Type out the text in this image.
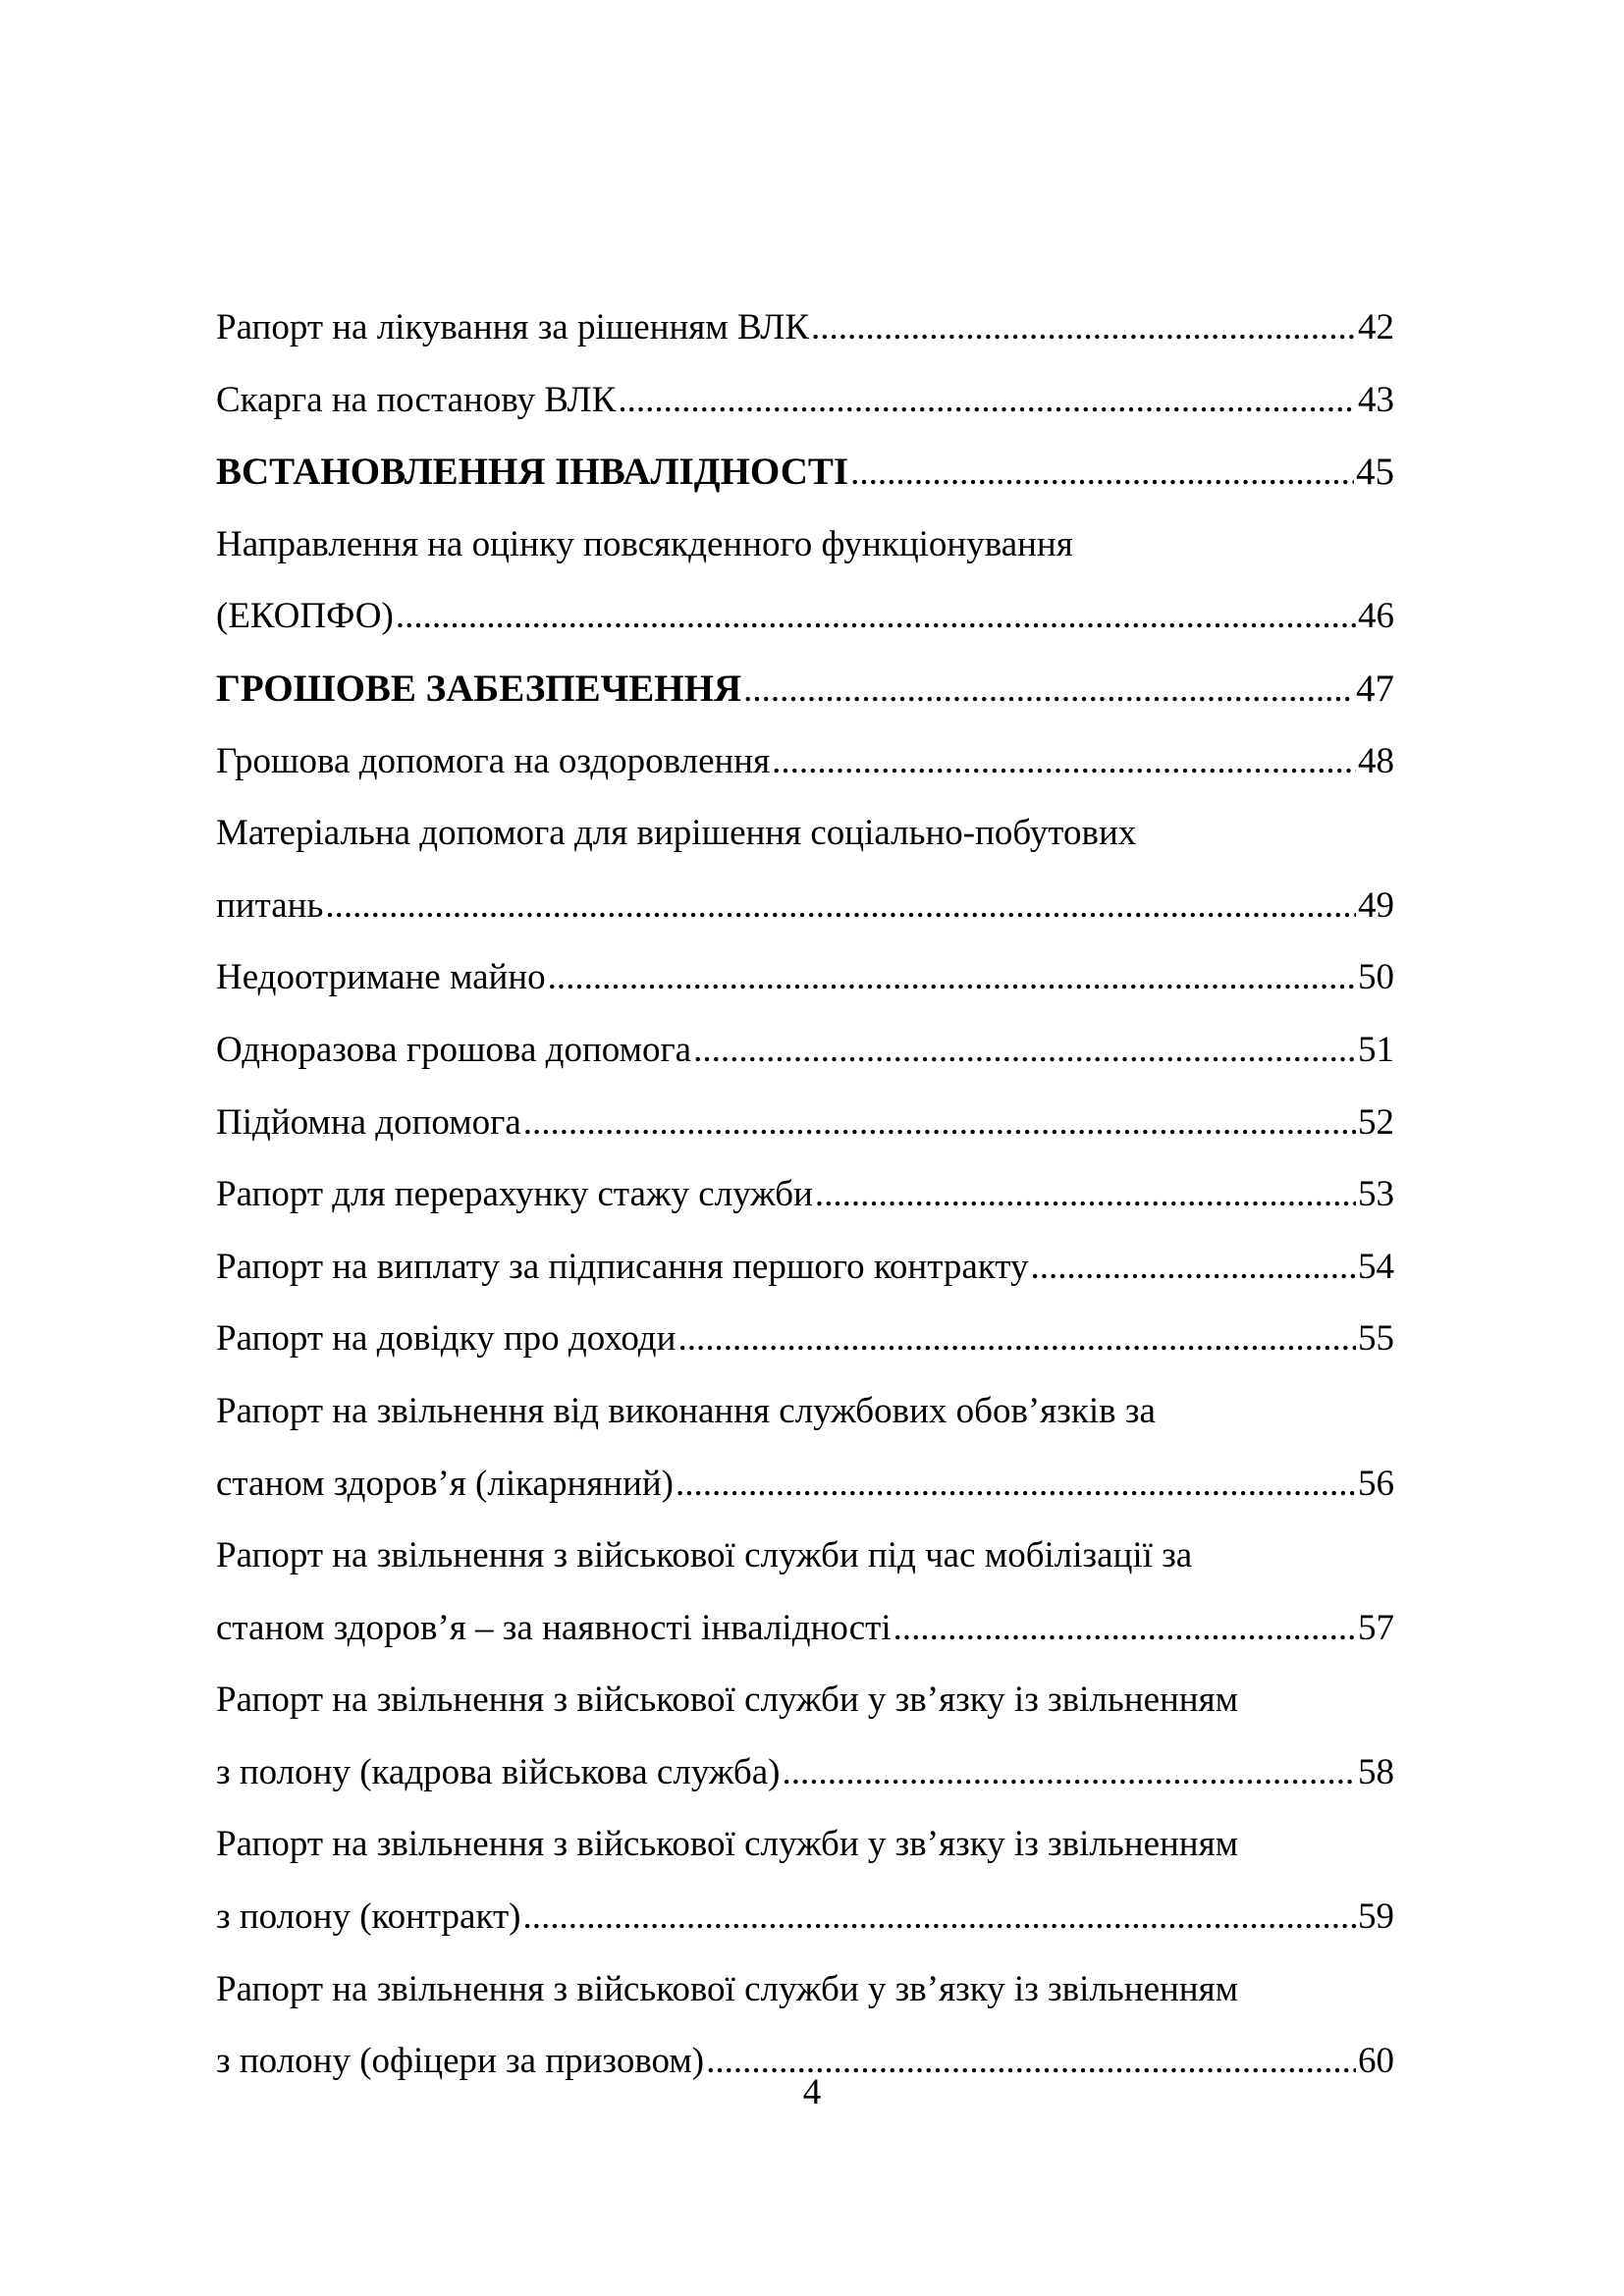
Рапорт на лікування за рішенням ВЛК .....	42
Скарга на постанову ВЛК .....	43
ВСТАНОВЛЕННЯ ІНВАЛІДНОСТІ .....	45
Направлення на оцінку повсякденного функціонування
(ЕКОПФО) .....	46
ГРОШОВЕ ЗАБЕЗПЕЧЕННЯ .....	47
Грошова допомога на оздоровлення .....	48
Матеріальна допомога для вирішення соціально-побутових
питань .....	49
Недоотримане майно .....	50
Одноразова грошова допомога .....	51
Підйомна допомога .....	52
Рапорт для перерахунку стажу служби .....	53
Рапорт на виплату за підписання першого контракту .....	54
Рапорт на довідку про доходи .....	55
Рапорт на звільнення від виконання службових обов’язків за
станом здоров’я (лікарняний) .....	56
Рапорт на звільнення з військової служби під час мобілізації за
станом здоров’я – за наявності інвалідності .....	57
Рапорт на звільнення з військової служби у зв’язку із звільненням
з полону (кадрова військова служба) .....	58
Рапорт на звільнення з військової служби у зв’язку із звільненням
з полону (контракт) .....	59
Рапорт на звільнення з військової служби у зв’язку із звільненням
з полону (офіцери за призовом) .....	60
4
